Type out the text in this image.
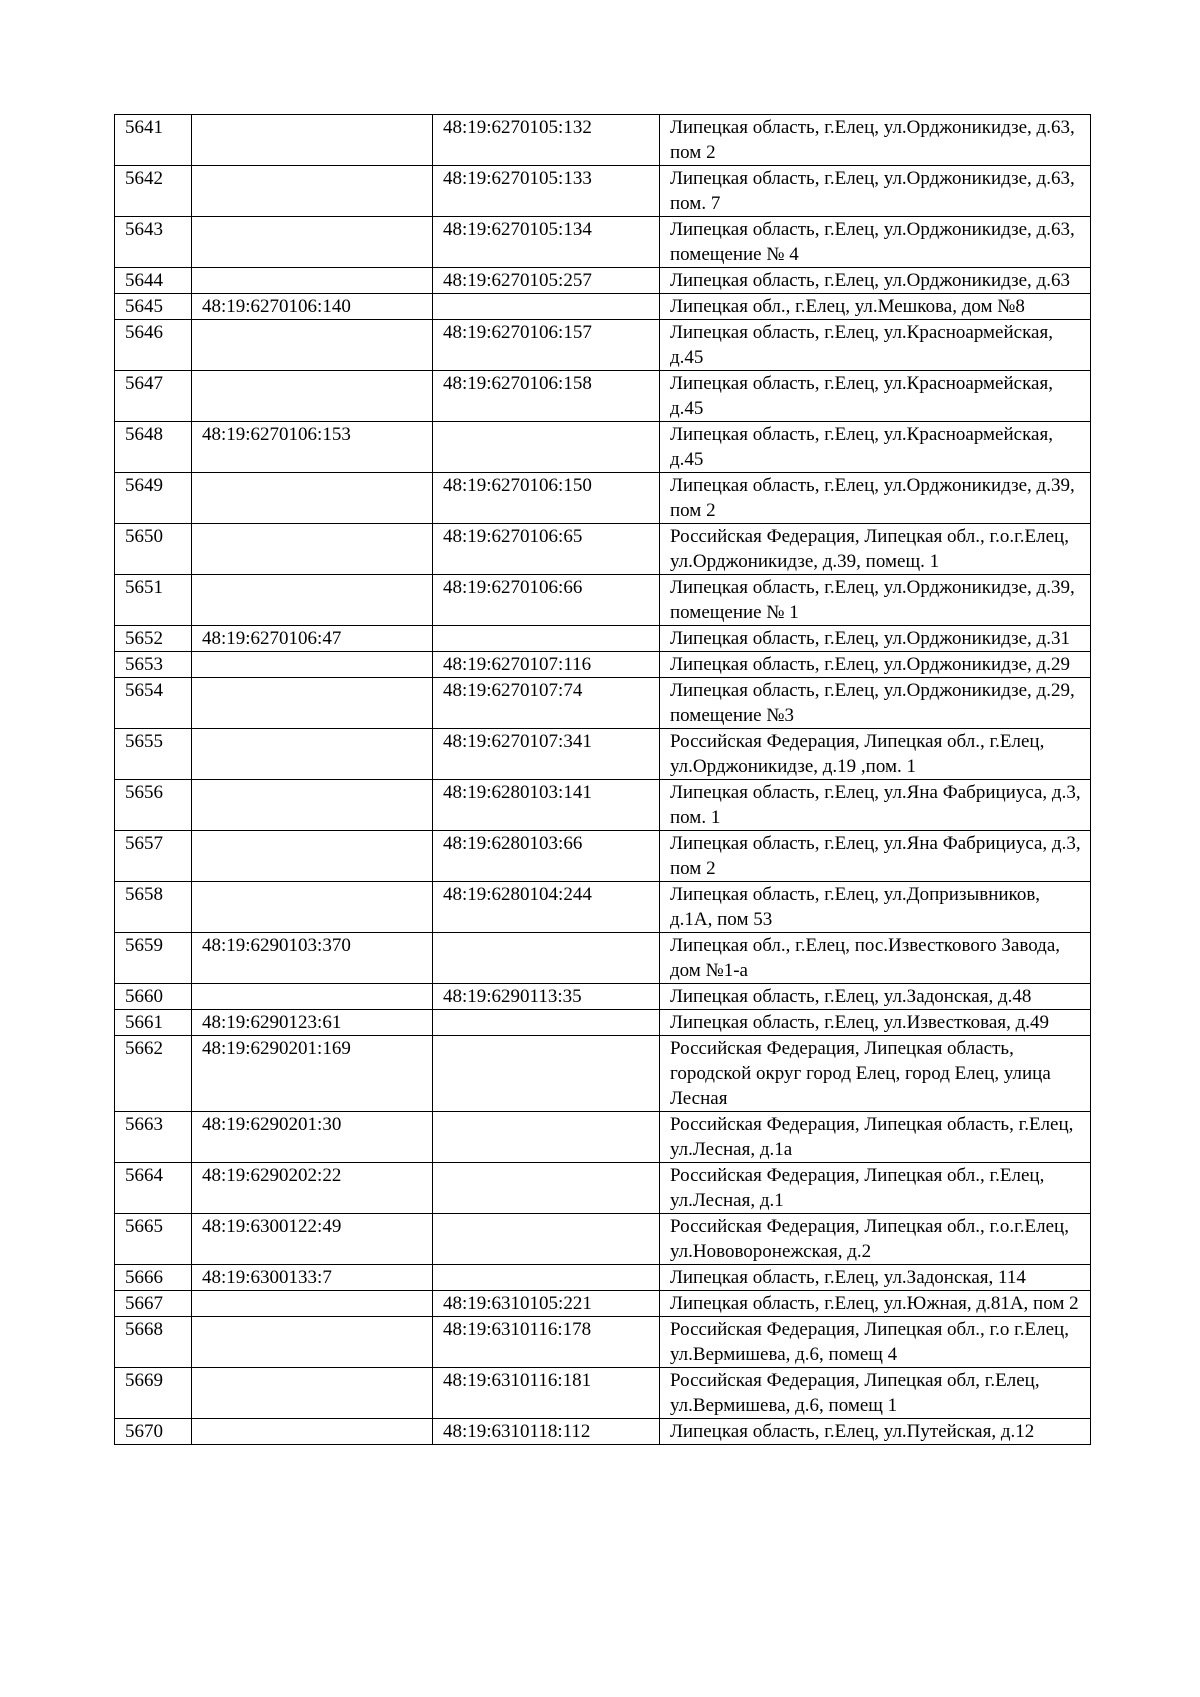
5641		48:19:6270105:132	Липецкая область, г.Елец, ул.Орджоникидзе, д.63, пом 2
5642		48:19:6270105:133	Липецкая область, г.Елец, ул.Орджоникидзе, д.63, пом. 7
5643		48:19:6270105:134	Липецкая область, г.Елец, ул.Орджоникидзе, д.63, помещение № 4
5644		48:19:6270105:257	Липецкая область, г.Елец, ул.Орджоникидзе, д.63
5645	48:19:6270106:140		Липецкая обл., г.Елец, ул.Мешкова, дом №8
5646		48:19:6270106:157	Липецкая область, г.Елец, ул.Красноармейская, д.45
5647		48:19:6270106:158	Липецкая область, г.Елец, ул.Красноармейская, д.45
5648	48:19:6270106:153		Липецкая область, г.Елец, ул.Красноармейская, д.45
5649		48:19:6270106:150	Липецкая область, г.Елец, ул.Орджоникидзе, д.39, пом 2
5650		48:19:6270106:65	Российская Федерация, Липецкая обл., г.о.г.Елец, ул.Орджоникидзе, д.39, помещ. 1
5651		48:19:6270106:66	Липецкая область, г.Елец, ул.Орджоникидзе, д.39, помещение № 1
5652	48:19:6270106:47		Липецкая область, г.Елец, ул.Орджоникидзе, д.31
5653		48:19:6270107:116	Липецкая область, г.Елец, ул.Орджоникидзе, д.29
5654		48:19:6270107:74	Липецкая область, г.Елец, ул.Орджоникидзе, д.29, помещение №3
5655		48:19:6270107:341	Российская Федерация, Липецкая обл., г.Елец, ул.Орджоникидзе, д.19 ,пом. 1
5656		48:19:6280103:141	Липецкая область, г.Елец, ул.Яна Фабрициуса, д.3, пом. 1
5657		48:19:6280103:66	Липецкая область, г.Елец, ул.Яна Фабрициуса, д.3, пом 2
5658		48:19:6280104:244	Липецкая область, г.Елец, ул.Допризывников, д.1А, пом 53
5659	48:19:6290103:370		Липецкая обл., г.Елец, пос.Известкового Завода, дом №1-а
5660		48:19:6290113:35	Липецкая область, г.Елец, ул.Задонская, д.48
5661	48:19:6290123:61		Липецкая область, г.Елец, ул.Известковая, д.49
5662	48:19:6290201:169		Российская Федерация, Липецкая область, городской округ город Елец, город Елец, улица Лесная
5663	48:19:6290201:30		Российская Федерация, Липецкая область, г.Елец, ул.Лесная, д.1а
5664	48:19:6290202:22		Российская Федерация, Липецкая обл., г.Елец, ул.Лесная, д.1
5665	48:19:6300122:49		Российская Федерация, Липецкая обл., г.о.г.Елец, ул.Нововоронежская, д.2
5666	48:19:6300133:7		Липецкая область, г.Елец, ул.Задонская, 114
5667		48:19:6310105:221	Липецкая область, г.Елец, ул.Южная, д.81А, пом 2
5668		48:19:6310116:178	Российская Федерация, Липецкая обл., г.о г.Елец, ул.Вермишева, д.6, помещ 4
5669		48:19:6310116:181	Российская Федерация, Липецкая обл, г.Елец, ул.Вермишева, д.6, помещ 1
5670		48:19:6310118:112	Липецкая область, г.Елец, ул.Путейская, д.12
